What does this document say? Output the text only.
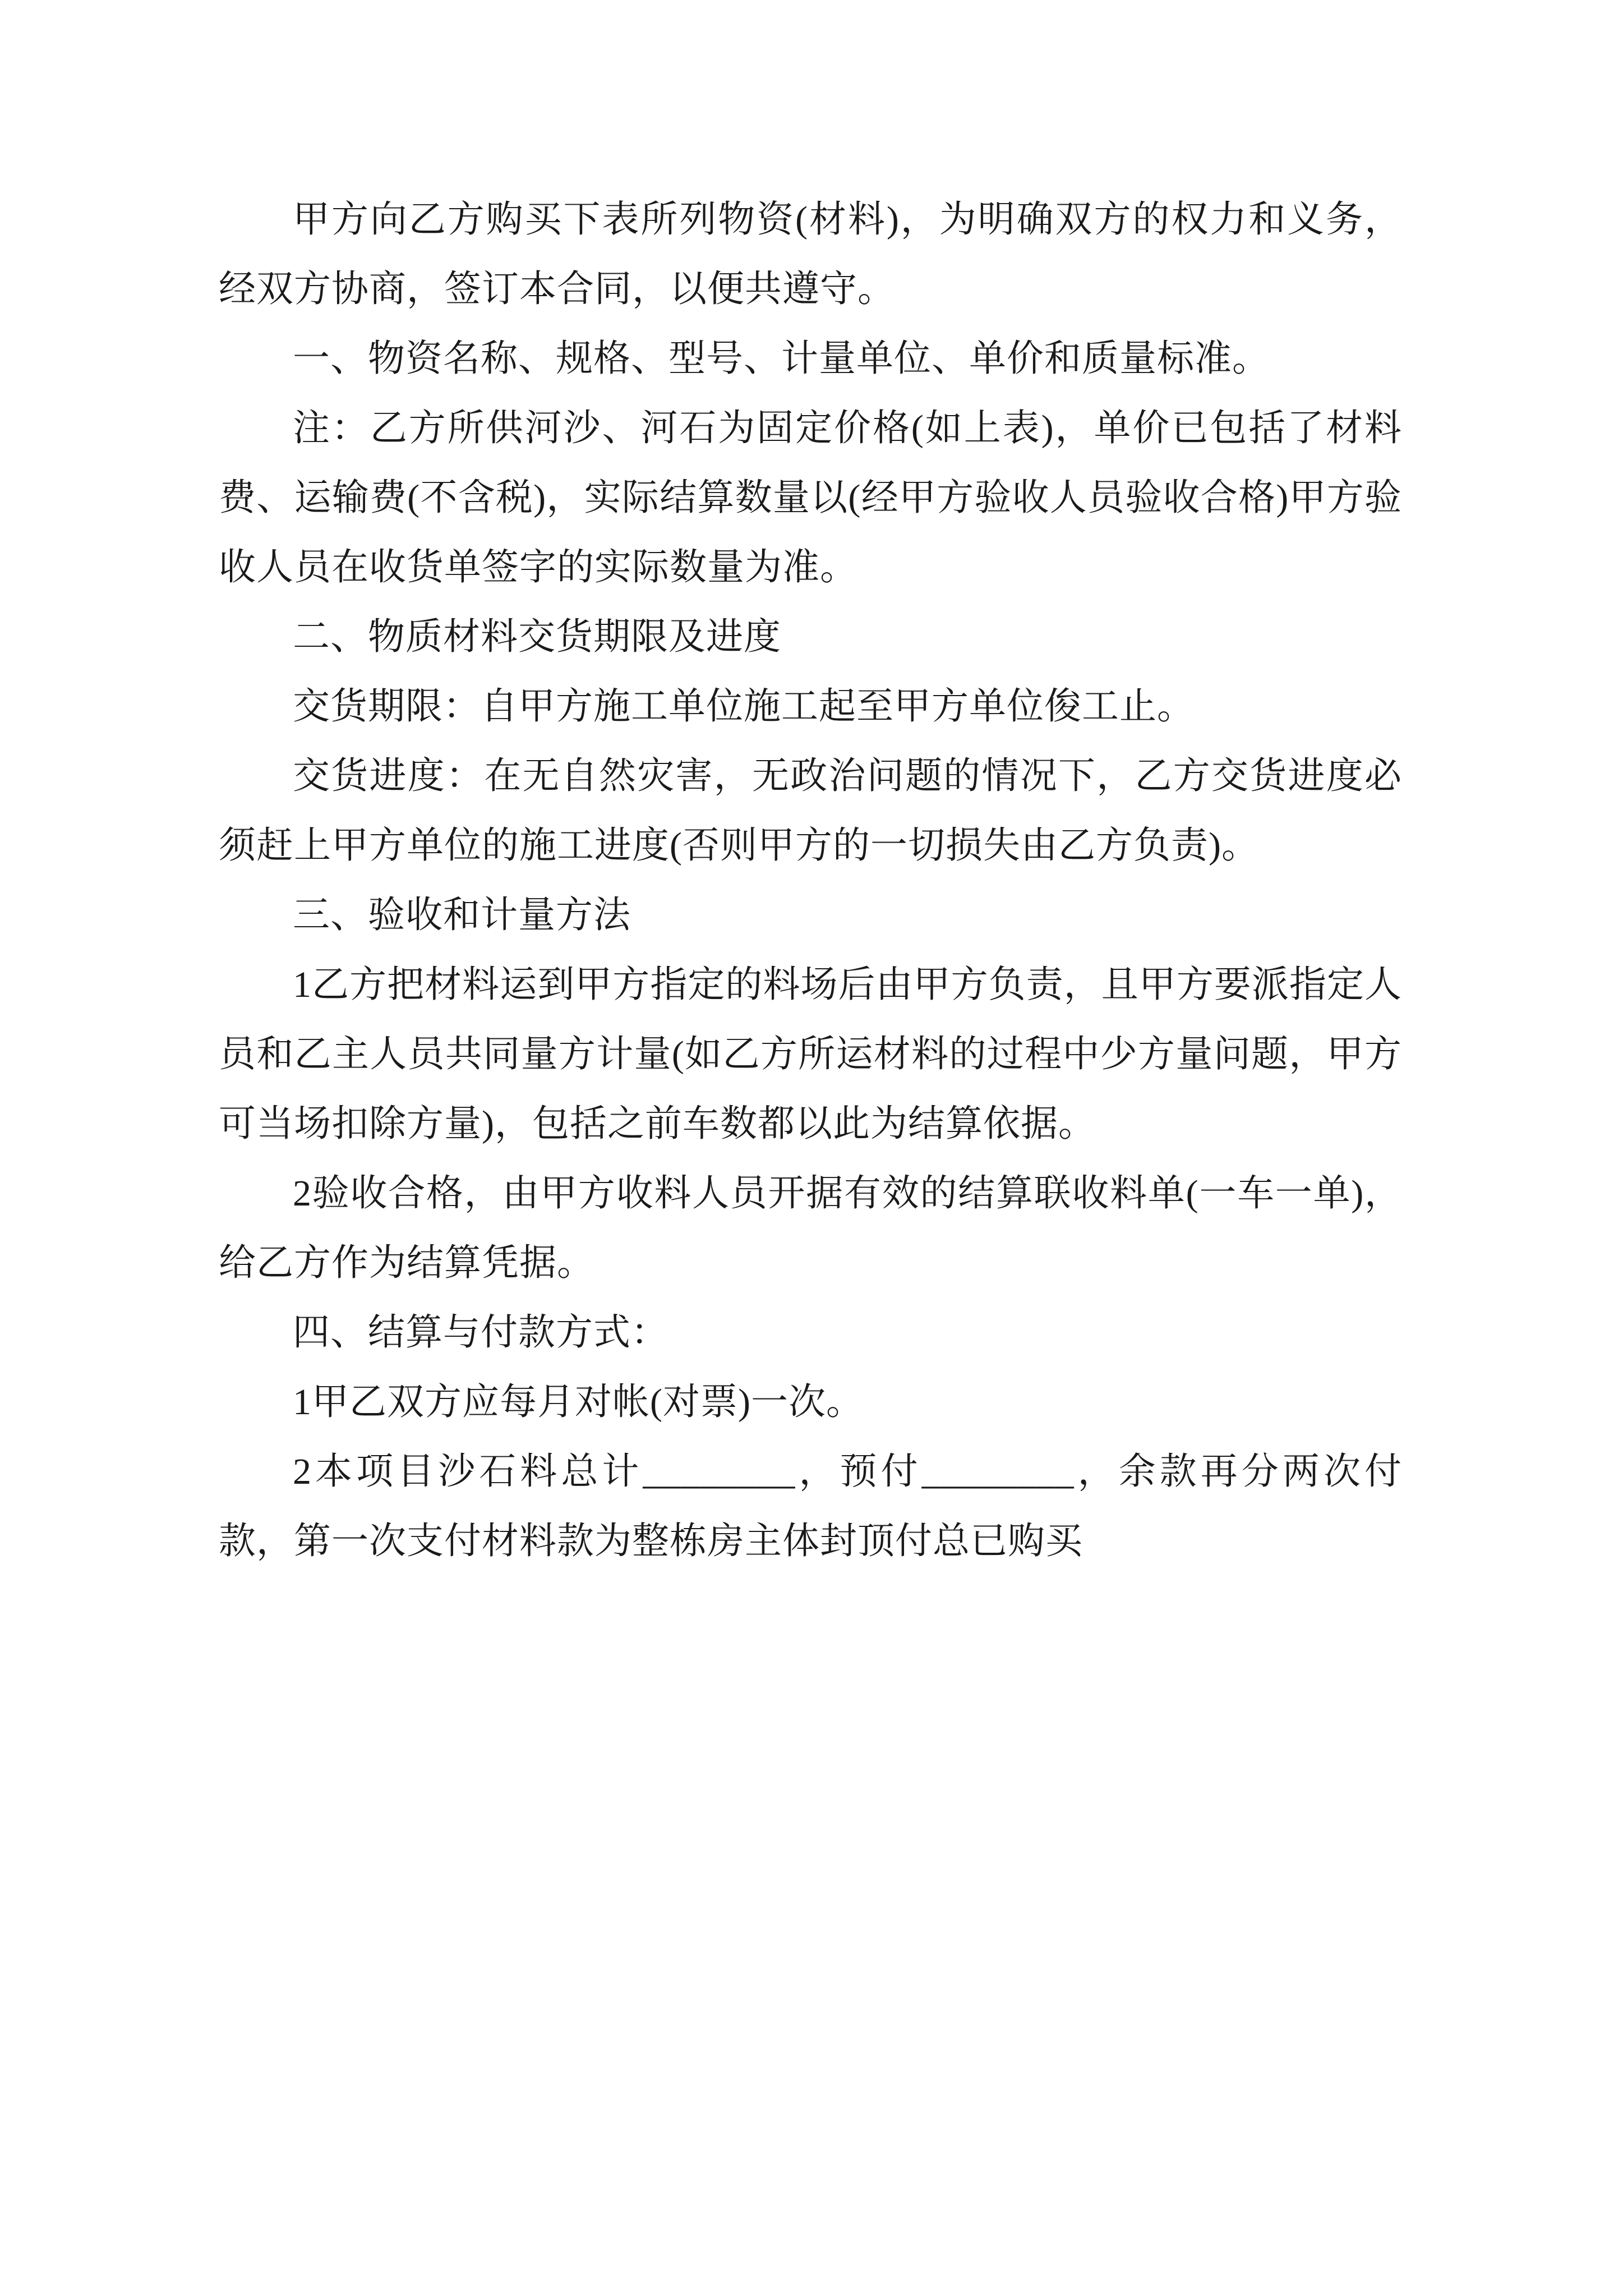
甲方向乙方购买下表所列物资(材料)，为明确双方的权力和义务，经双方协商，签订本合同，以便共遵守。

一、物资名称、规格、型号、计量单位、单价和质量标准。

注：乙方所供河沙、河石为固定价格(如上表)，单价已包括了材料费、运输费(不含税)，实际结算数量以(经甲方验收人员验收合格)甲方验收人员在收货单签字的实际数量为准。

二、物质材料交货期限及进度

交货期限：自甲方施工单位施工起至甲方单位俊工止。

交货进度：在无自然灾害，无政治问题的情况下，乙方交货进度必须赶上甲方单位的施工进度(否则甲方的一切损失由乙方负责)。

三、验收和计量方法

1乙方把材料运到甲方指定的料场后由甲方负责，且甲方要派指定人员和乙主人员共同量方计量(如乙方所运材料的过程中少方量问题，甲方可当场扣除方量)，包括之前车数都以此为结算依据。

2验收合格，由甲方收料人员开据有效的结算联收料单(一车一单)，给乙方作为结算凭据。

四、结算与付款方式：

1甲乙双方应每月对帐(对票)一次。

2本项目沙石料总计________，预付________，余款再分两次付款，第一次支付材料款为整栋房主体封顶付总已购买
